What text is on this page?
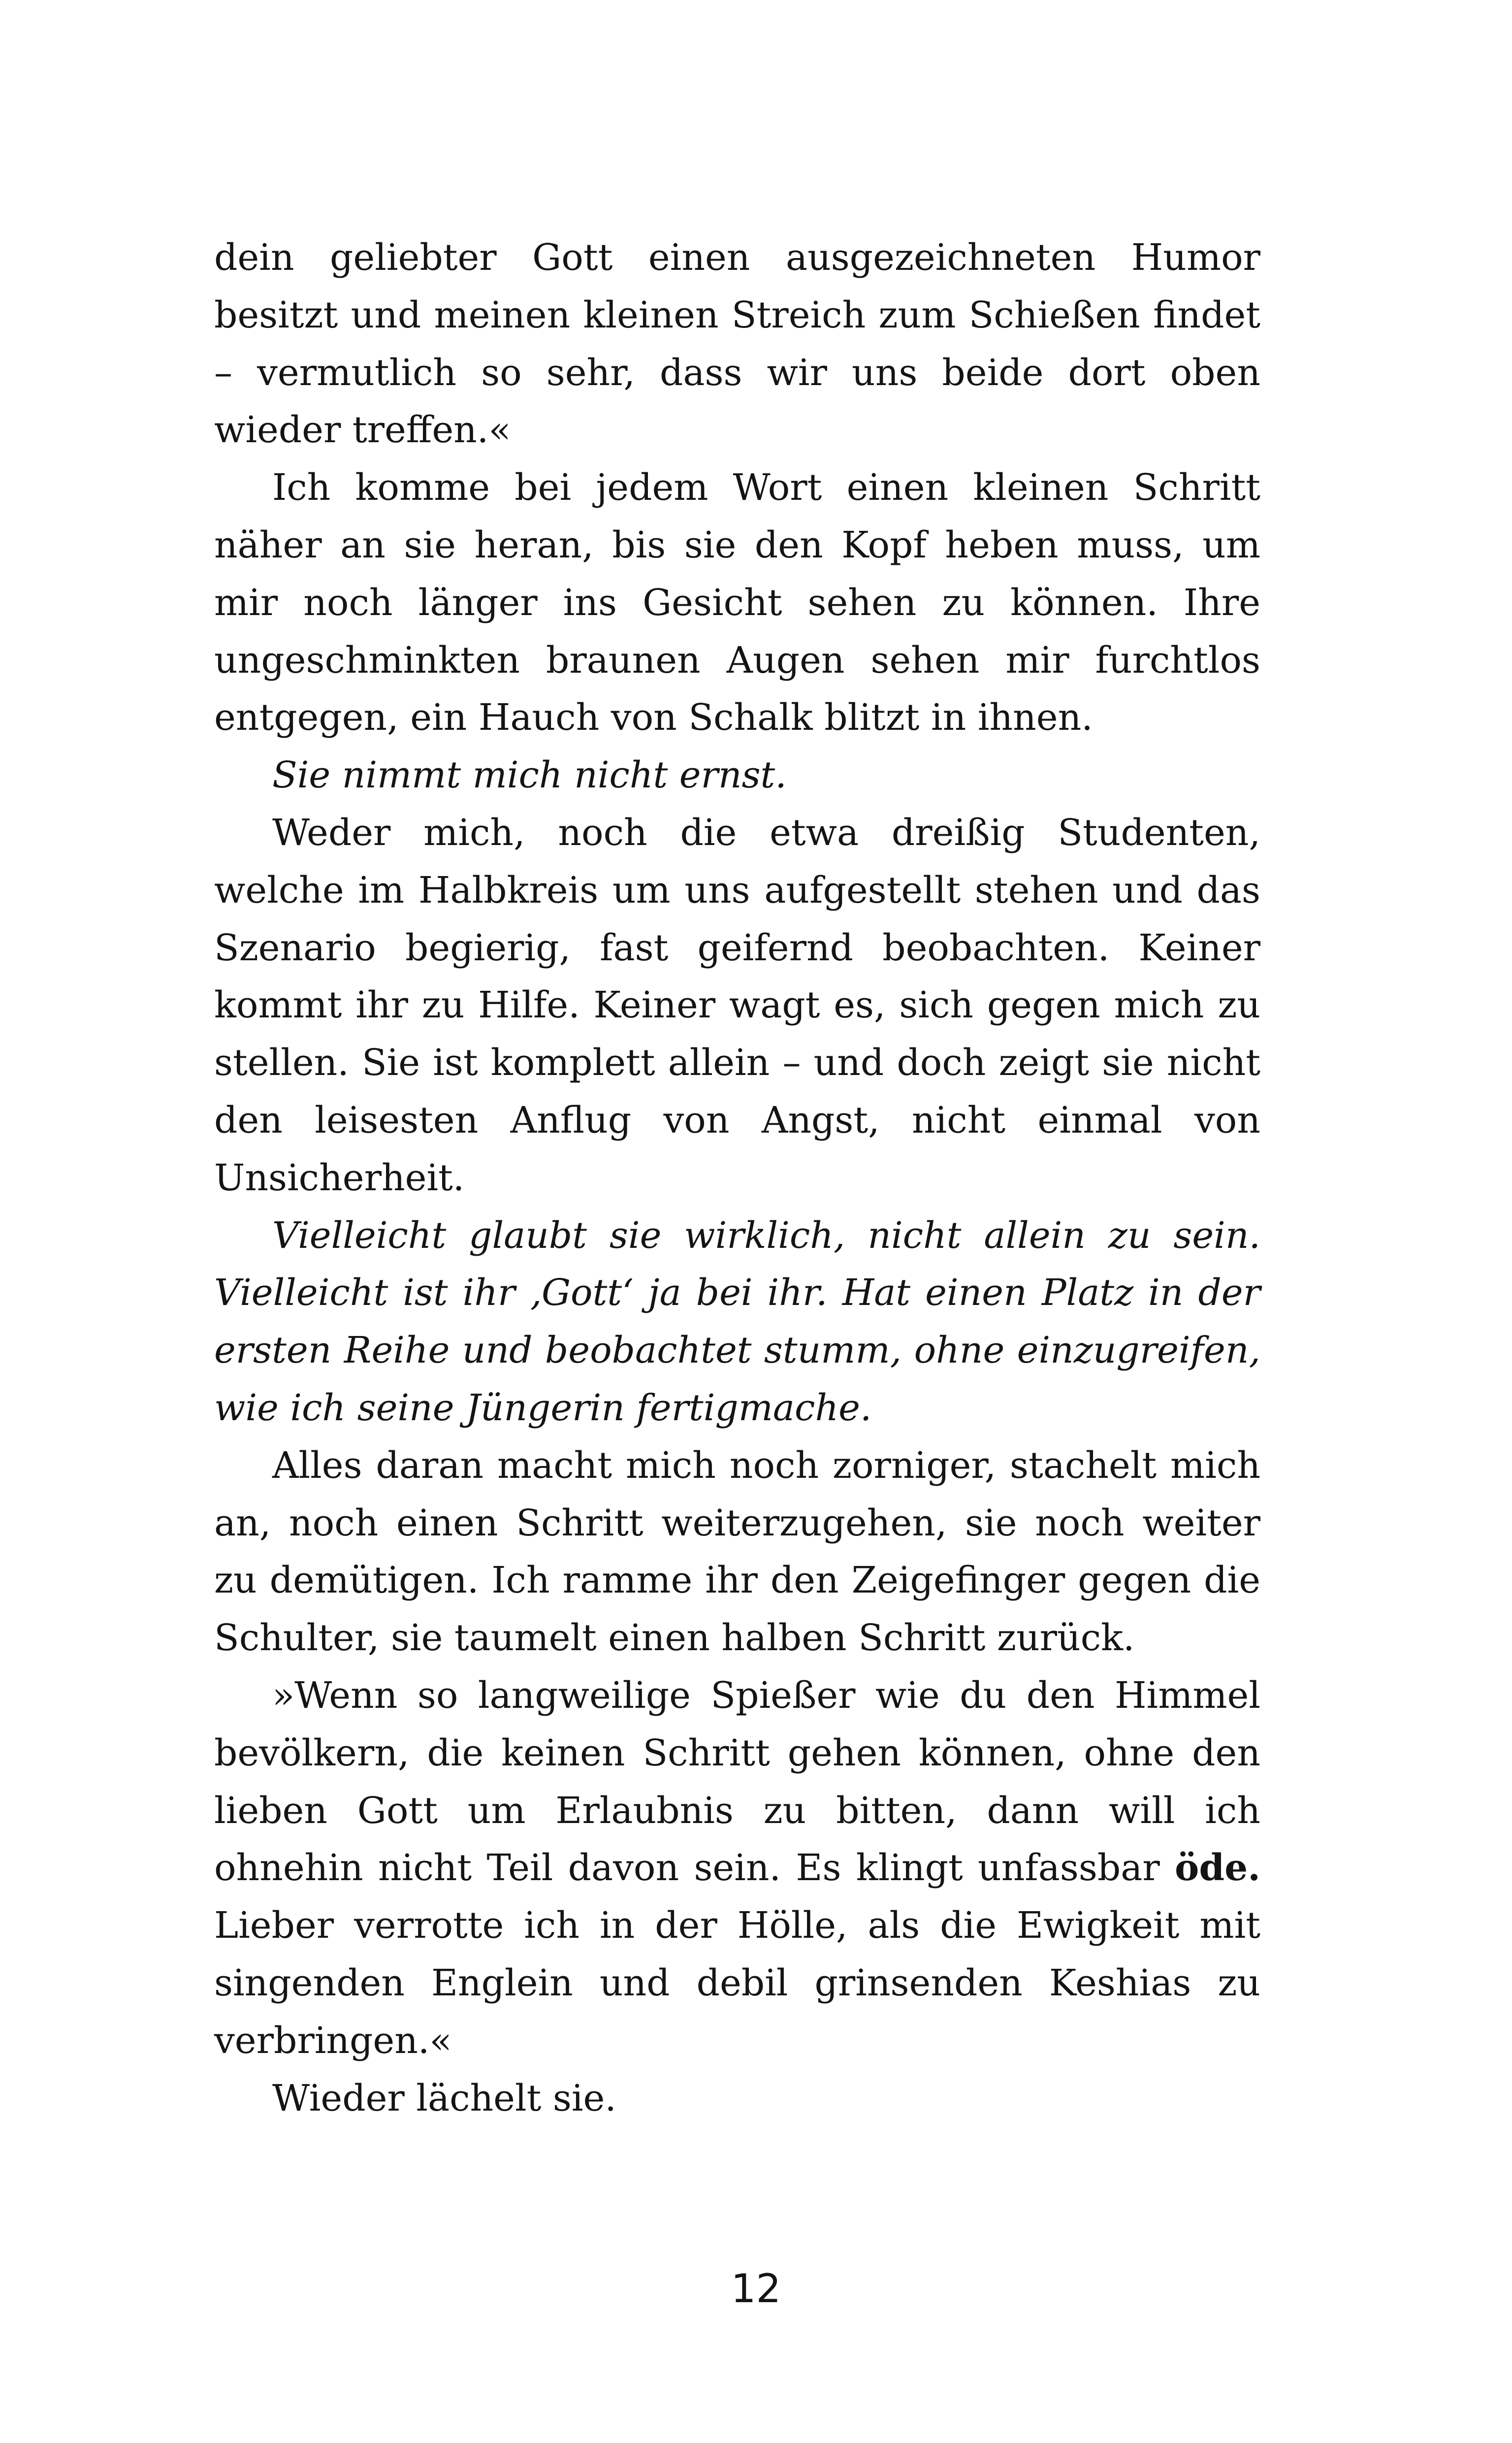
dein geliebter Gott einen ausgezeichneten Humor besitzt und meinen kleinen Streich zum Schießen findet – vermutlich so sehr, dass wir uns beide dort oben wieder treffen.«

Ich komme bei jedem Wort einen kleinen Schritt näher an sie heran, bis sie den Kopf heben muss, um mir noch länger ins Gesicht sehen zu können. Ihre ungeschminkten braunen Augen sehen mir furchtlos entgegen, ein Hauch von Schalk blitzt in ihnen.

Sie nimmt mich nicht ernst.

Weder mich, noch die etwa dreißig Studenten, welche im Halbkreis um uns aufgestellt stehen und das Szenario begierig, fast geifernd beobachten. Keiner kommt ihr zu Hilfe. Keiner wagt es, sich gegen mich zu stellen. Sie ist komplett allein – und doch zeigt sie nicht den leisesten Anflug von Angst, nicht einmal von Unsicherheit.

Vielleicht glaubt sie wirklich, nicht allein zu sein. Vielleicht ist ihr ‚Gott‘ ja bei ihr. Hat einen Platz in der ersten Reihe und beobachtet stumm, ohne einzugreifen, wie ich seine Jüngerin fertigmache.

Alles daran macht mich noch zorniger, stachelt mich an, noch einen Schritt weiterzugehen, sie noch weiter zu demütigen. Ich ramme ihr den Zeigefinger gegen die Schulter, sie taumelt einen halben Schritt zurück.

»Wenn so langweilige Spießer wie du den Himmel bevölkern, die keinen Schritt gehen können, ohne den lieben Gott um Erlaubnis zu bitten, dann will ich ohnehin nicht Teil davon sein. Es klingt unfassbar öde. Lieber verrotte ich in der Hölle, als die Ewigkeit mit singenden Englein und debil grinsenden Keshias zu verbringen.«

Wieder lächelt sie.

12
